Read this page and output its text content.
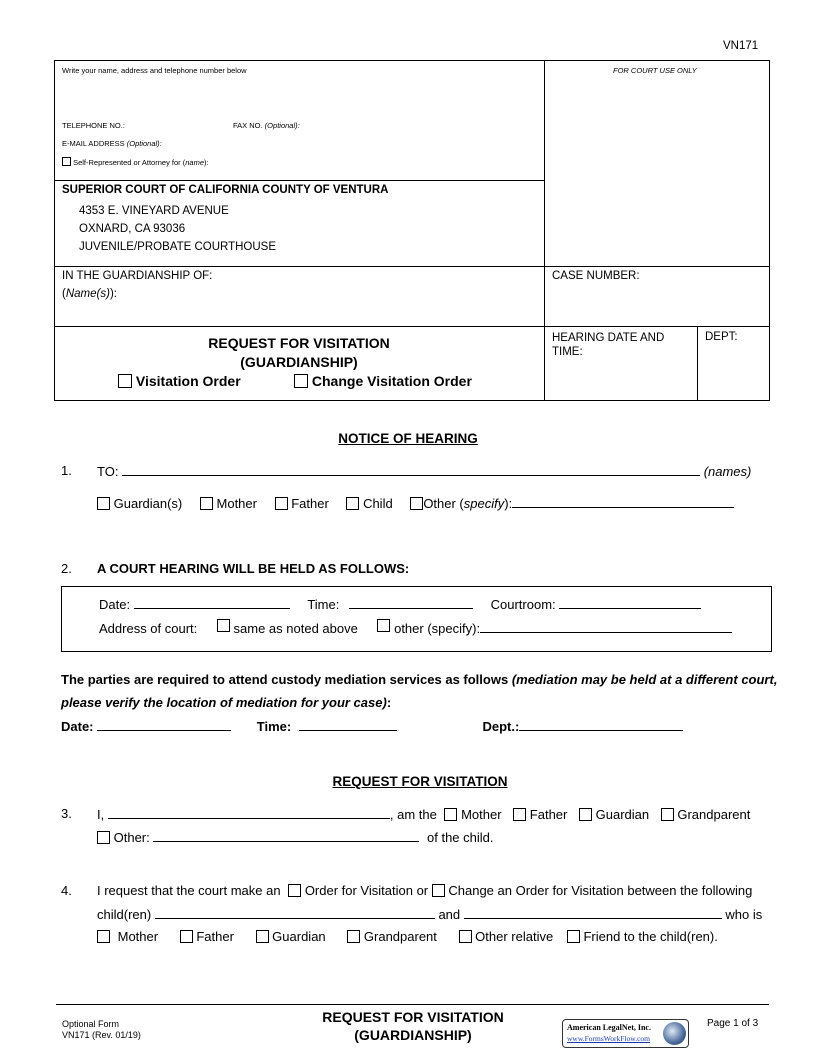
VN171
Write your name, address and telephone number below	FOR COURT USE ONLY
TELEPHONE NO.:	FAX NO. (Optional):
E-MAIL ADDRESS (Optional):
Self-Represented or Attorney for (name):
SUPERIOR COURT OF CALIFORNIA COUNTY OF VENTURA
4353 E. VINEYARD AVENUE
OXNARD, CA 93036
JUVENILE/PROBATE COURTHOUSE
IN THE GUARDIANSHIP OF:
(Name(s)):
CASE NUMBER:
REQUEST FOR VISITATION
(GUARDIANSHIP)
Visitation Order	Change Visitation Order
HEARING DATE AND TIME:
DEPT:
NOTICE OF HEARING
1. TO:	(names)
Guardian(s)	Mother	Father	Child Other (specify):
2. A COURT HEARING WILL BE HELD AS FOLLOWS:
Date:	Time:	Courtroom:
Address of court:	same as noted above	other (specify):
The parties are required to attend custody mediation services as follows (mediation may be held at a different court, please verify the location of mediation for your case):
Date:	Time:	Dept.:
REQUEST FOR VISITATION
3. I,	, am the Mother Father Guardian Grandparent
Other:	of the child.
4. I request that the court make an Order for Visitation or Change an Order for Visitation between the following
child(ren)	and	who is
Mother	Father	Guardian	Grandparent	Other relative Friend to the child(ren).
Optional Form
VN171 (Rev. 01/19)
REQUEST FOR VISITATION
(GUARDIANSHIP)	American LegalNet, Inc.
www.FormsWorkFlow.com
Page 1 of 3
